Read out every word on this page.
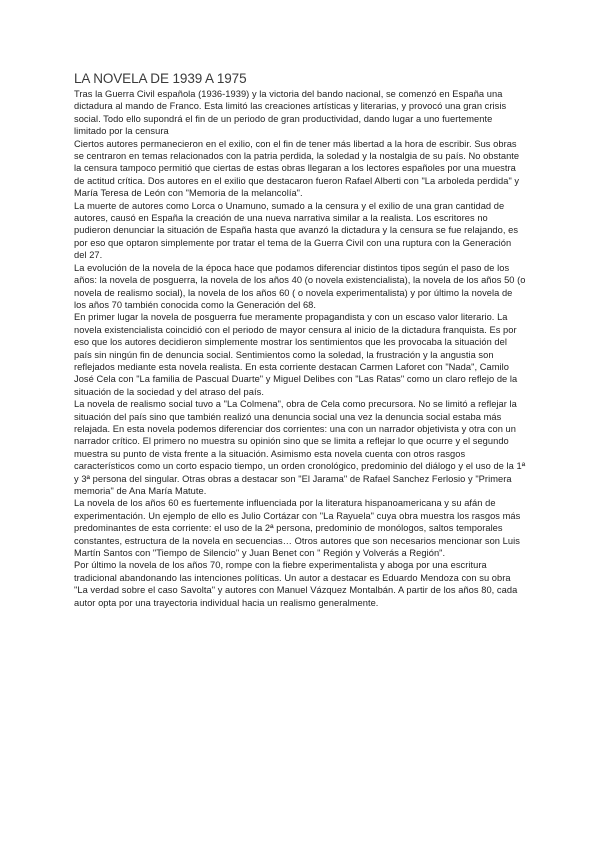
LA NOVELA DE 1939 A 1975

Tras la Guerra Civil española (1936-1939) y la victoria del bando nacional, se comenzó en España una dictadura al mando de Franco. Esta limitó las creaciones artísticas y literarias, y provocó una gran crisis social. Todo ello supondrá el fin de un periodo de gran productividad, dando lugar a uno fuertemente limitado por la censura

Ciertos autores permanecieron en el exilio, con el fin de tener más libertad a la hora de escribir. Sus obras se centraron en temas relacionados con la patria perdida, la soledad y la nostalgia de su país. No obstante la censura tampoco permitió que ciertas de estas obras llegaran a los lectores españoles por una muestra de actitud crítica. Dos autores en el exilio que destacaron fueron Rafael Alberti con "La arboleda perdida" y María Teresa de León con "Memoria de la melancolía".

La muerte de autores como Lorca o Unamuno, sumado a la censura y el exilio de una gran cantidad de autores, causó en España la creación de una nueva narrativa similar a la realista. Los escritores no pudieron denunciar la situación de España hasta que avanzó la dictadura y la censura se fue relajando, es por eso que optaron simplemente por tratar el tema de la Guerra Civil con una ruptura con la Generación del 27.

La evolución de la novela de la época hace que podamos diferenciar distintos tipos según el paso de los años: la novela de posguerra, la novela de los años 40 (o novela existencialista), la novela de los años 50 (o novela de realismo social), la novela de los años 60 ( o novela experimentalista) y por último la novela de los años 70 también conocida como la Generación del 68.

En primer lugar la novela de posguerra fue meramente propagandista y con un escaso valor literario. La novela existencialista coincidió con el periodo de mayor censura al inicio de la dictadura franquista. Es por eso que los autores decidieron simplemente mostrar los sentimientos que les provocaba la situación del país sin ningún fin de denuncia social. Sentimientos como la soledad, la frustración y la angustia son reflejados mediante esta novela realista. En esta corriente destacan Carmen Laforet con "Nada", Camilo José Cela con "La familia de Pascual Duarte" y Miguel Delibes con "Las Ratas" como un claro reflejo de la situación de la sociedad y del atraso del país.

La novela de realismo social tuvo a "La Colmena", obra de Cela como precursora. No se limitó a reflejar la situación del país sino que también realizó una denuncia social una vez la denuncia social estaba más relajada. En esta novela podemos diferenciar dos corrientes: una con un narrador objetivista y otra con un narrador crítico. El primero no muestra su opinión sino que se limita a reflejar lo que ocurre y el segundo muestra su punto de vista frente a la situación. Asimismo esta novela cuenta con otros rasgos característicos como un corto espacio tiempo, un orden cronológico, predominio del diálogo y el uso de la 1ª y 3ª persona del singular. Otras obras a destacar son "El Jarama" de Rafael Sanchez Ferlosio y "Primera memoria" de Ana María Matute.

La novela de los años 60 es fuertemente influenciada por la literatura hispanoamericana y su afán de experimentación. Un ejemplo de ello es Julio Cortázar con "La Rayuela" cuya obra muestra los rasgos más predominantes de esta corriente: el uso de la 2ª persona, predominio de monólogos, saltos temporales constantes, estructura de la novela en secuencias… Otros autores que son necesarios mencionar son Luis Martín Santos con "Tiempo de Silencio" y Juan Benet con " Región y Volverás a Región".

Por último la novela de los años 70, rompe con la fiebre experimentalista y aboga por una escritura tradicional abandonando las intenciones políticas. Un autor a destacar es Eduardo Mendoza con su obra "La verdad sobre el caso Savolta" y autores con Manuel Vázquez Montalbán. A partir de los años 80, cada autor opta por una trayectoria individual hacia un realismo generalmente.
